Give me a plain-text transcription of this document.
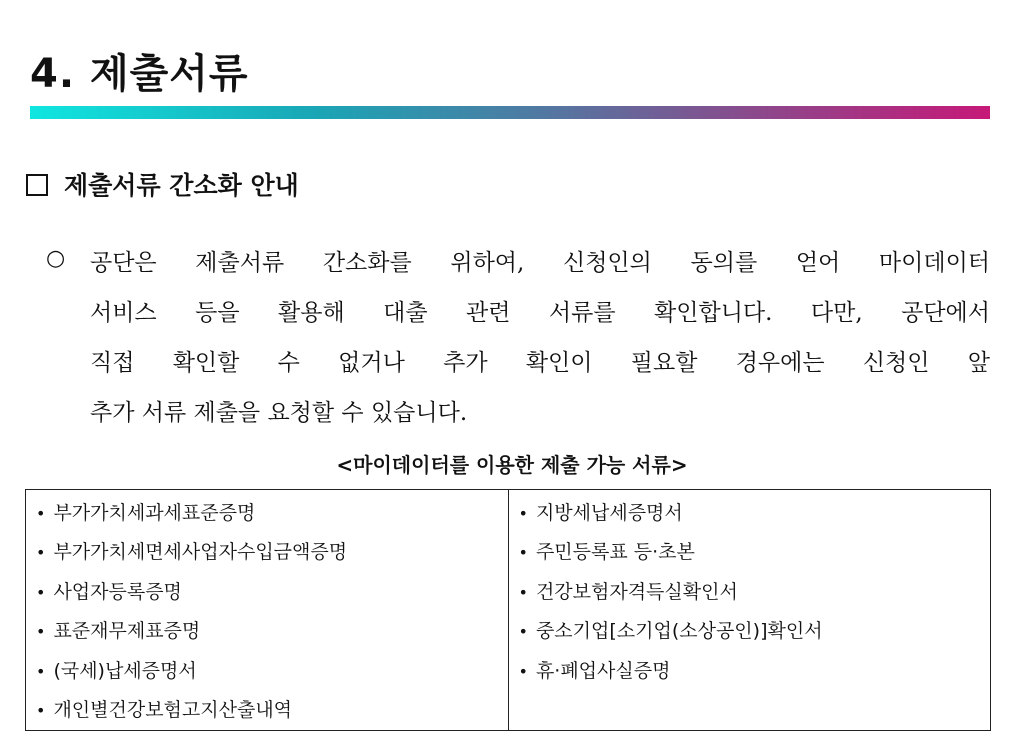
4. 제출서류
제출서류 간소화 안내
○ 공단은 제출서류 간소화를 위하여, 신청인의 동의를 얻어 마이데이터
서비스 등을 활용해 대출 관련 서류를 확인합니다. 다만, 공단에서
직접 확인할 수 없거나 추가 확인이 필요할 경우에는 신청인 앞
추가 서류 제출을 요청할 수 있습니다.
<마이데이터를 이용한 제출 가능 서류>
• 부가가치세과세표준증명
• 부가가치세면세사업자수입금액증명
• 사업자등록증명
• 표준재무제표증명
• (국세)납세증명서
• 개인별건강보험고지산출내역

• 지방세납세증명서
• 주민등록표 등·초본
• 건강보험자격득실확인서
• 중소기업[소기업(소상공인)]확인서
• 휴·폐업사실증명
